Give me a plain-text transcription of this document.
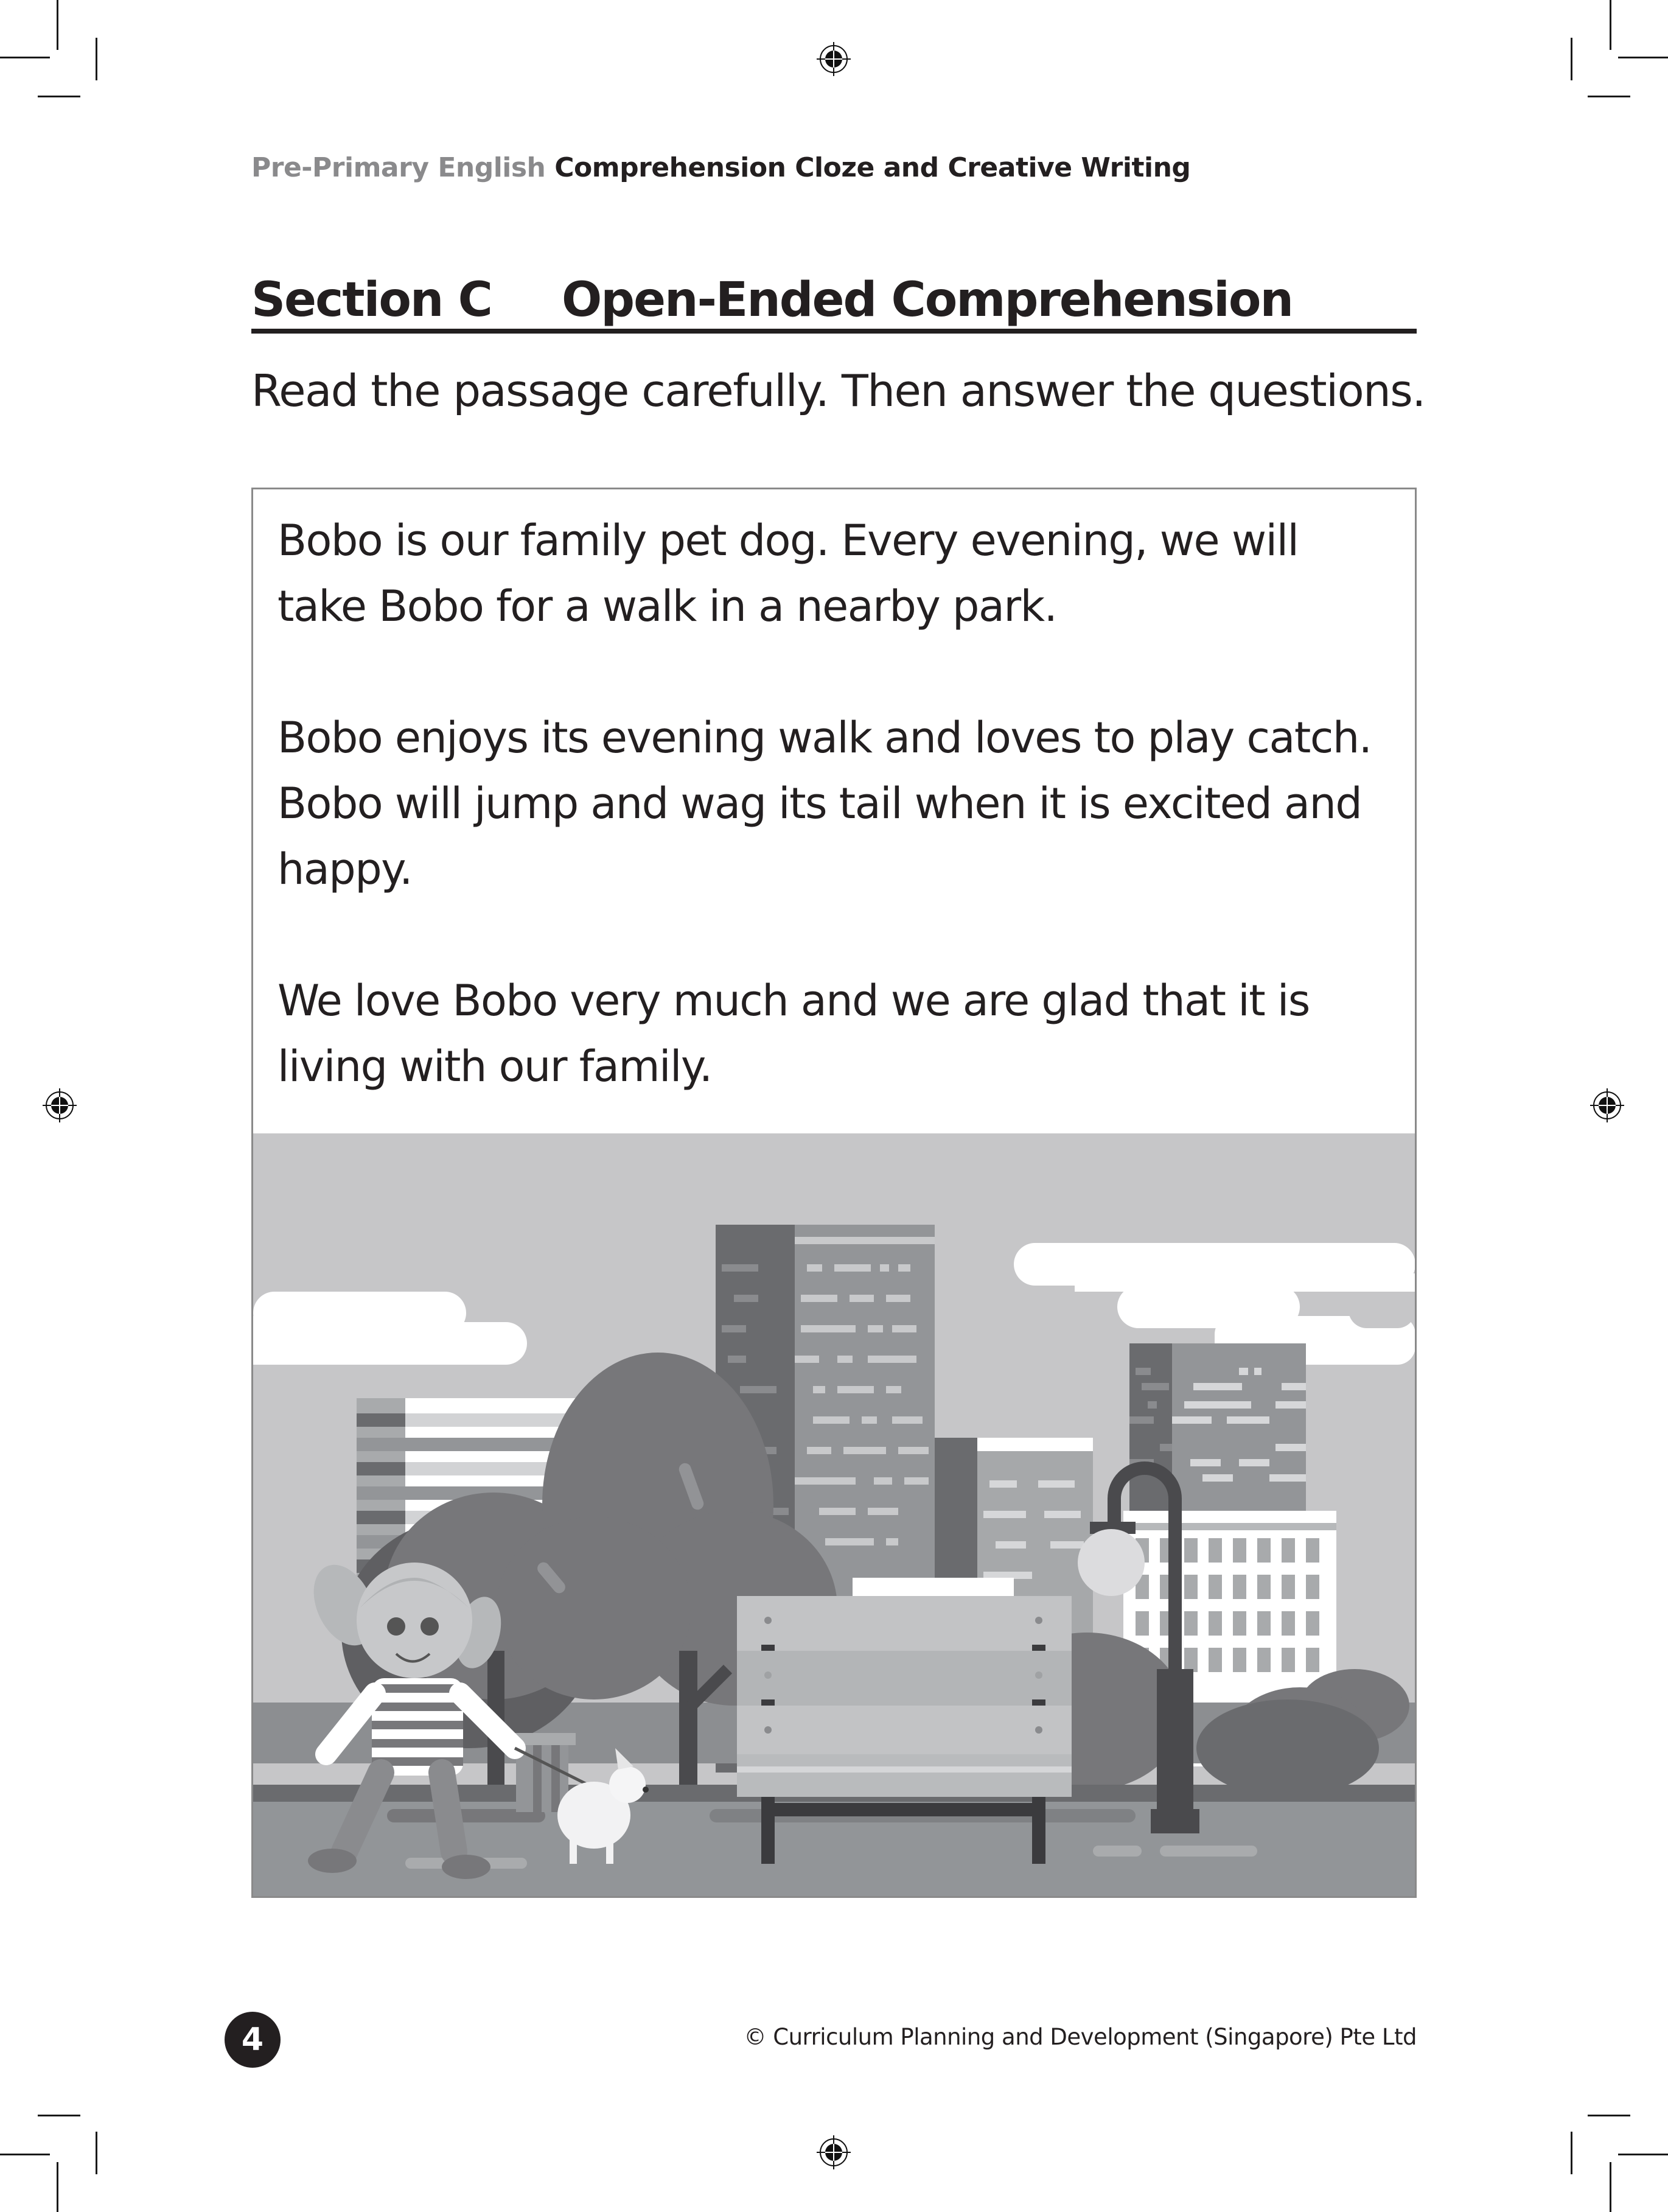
Pre-Primary English Comprehension Cloze and Creative Writing
Section C Open-Ended Comprehension
Read the passage carefully. Then answer the questions.

Bobo is our family pet dog. Every evening, we will take Bobo for a walk in a nearby park.

Bobo enjoys its evening walk and loves to play catch. Bobo will jump and wag its tail when it is excited and happy.

We love Bobo very much and we are glad that it is living with our family.

4	© Curriculum Planning and Development (Singapore) Pte Ltd
